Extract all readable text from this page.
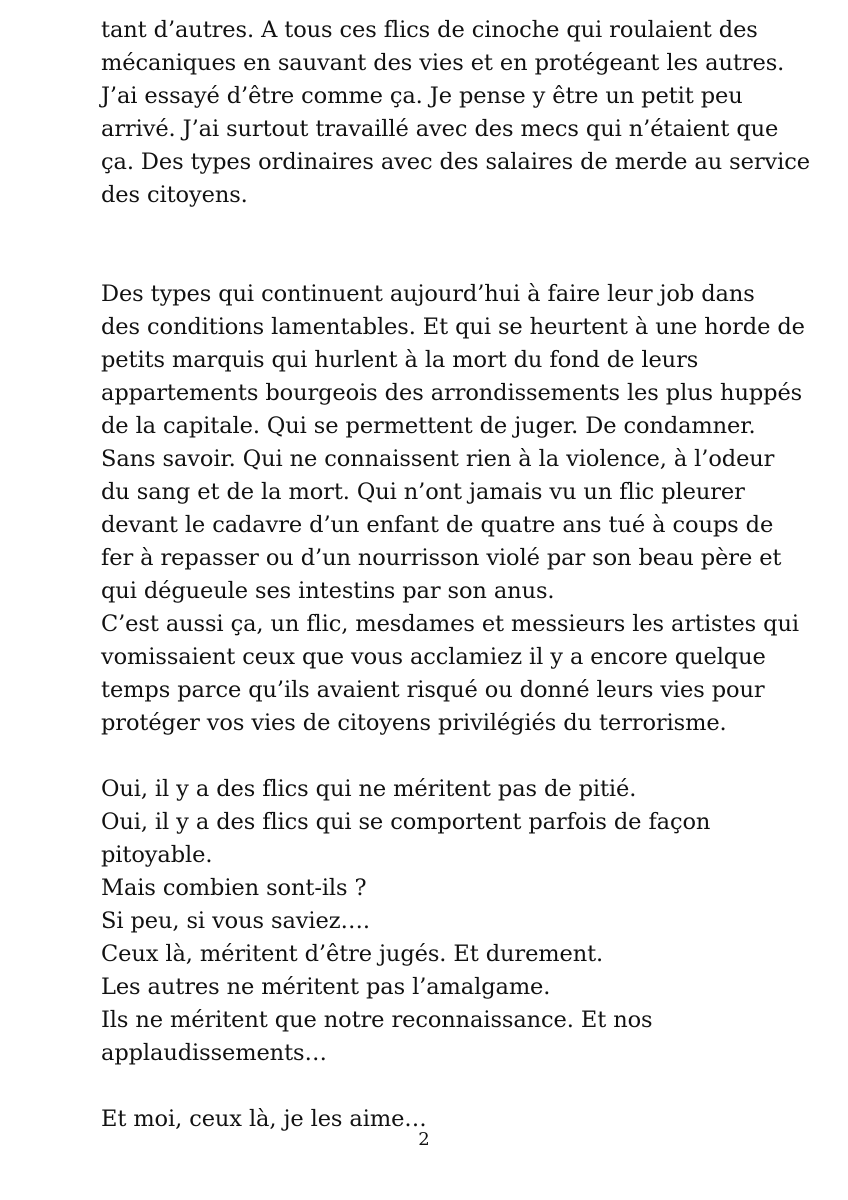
tant d’autres. A tous ces flics de cinoche qui roulaient des
mécaniques en sauvant des vies et en protégeant les autres.
J’ai essayé d’être comme ça. Je pense y être un petit peu
arrivé. J’ai surtout travaillé avec des mecs qui n’étaient que
ça. Des types ordinaires avec des salaires de merde au service
des citoyens.
Des types qui continuent aujourd’hui à faire leur job dans
des conditions lamentables. Et qui se heurtent à une horde de
petits marquis qui hurlent à la mort du fond de leurs
appartements bourgeois des arrondissements les plus huppés
de la capitale. Qui se permettent de juger. De condamner.
Sans savoir. Qui ne connaissent rien à la violence, à l’odeur
du sang et de la mort. Qui n’ont jamais vu un flic pleurer
devant le cadavre d’un enfant de quatre ans tué à coups de
fer à repasser ou d’un nourrisson violé par son beau père et
qui dégueule ses intestins par son anus.
C’est aussi ça, un flic, mesdames et messieurs les artistes qui
vomissaient ceux que vous acclamiez il y a encore quelque
temps parce qu’ils avaient risqué ou donné leurs vies pour
protéger vos vies de citoyens privilégiés du terrorisme.
Oui, il y a des flics qui ne méritent pas de pitié.
Oui, il y a des flics qui se comportent parfois de façon
pitoyable.
Mais combien sont-ils ?
Si peu, si vous saviez….
Ceux là, méritent d’être jugés. Et durement.
Les autres ne méritent pas l’amalgame.
Ils ne méritent que notre reconnaissance. Et nos
applaudissements…
Et moi, ceux là, je les aime…
2
